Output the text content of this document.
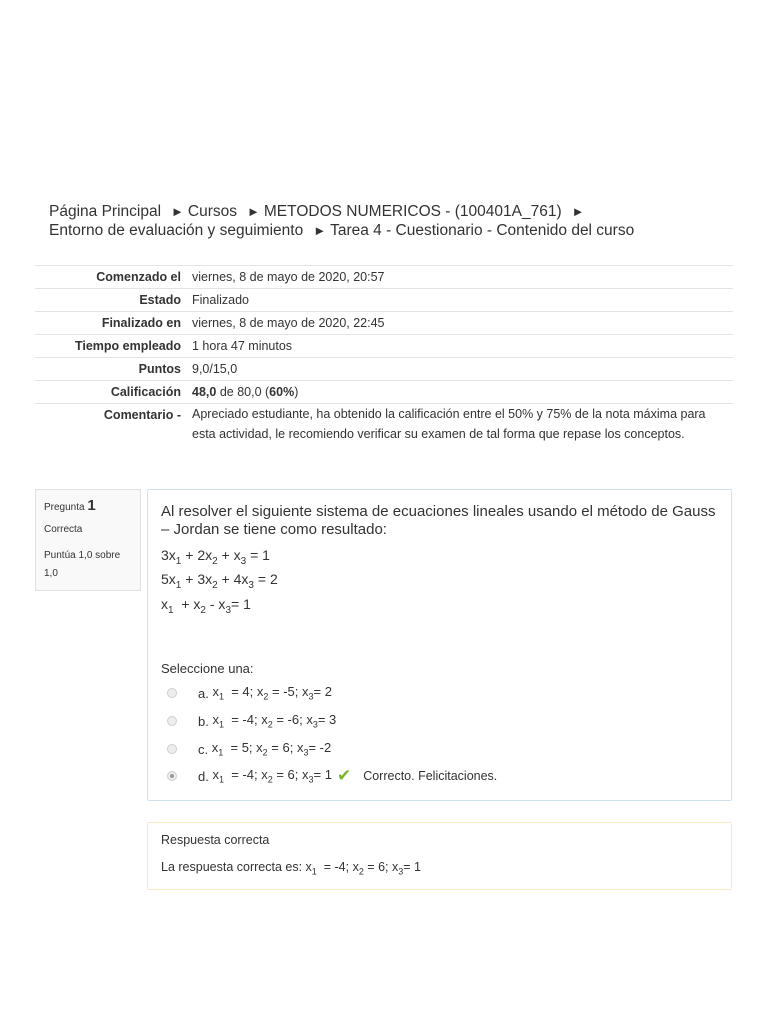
Página Principal ► Cursos ► METODOS NUMERICOS - (100401A_761) ►
Entorno de evaluación y seguimiento ► Tarea 4 - Cuestionario - Contenido del curso
Comenzado el	viernes, 8 de mayo de 2020, 20:57
Estado	Finalizado
Finalizado en	viernes, 8 de mayo de 2020, 22:45
Tiempo empleado	1 hora 47 minutos
Puntos	9,0/15,0
Calificación	48,0 de 80,0 (60%)
Comentario -	Apreciado estudiante, ha obtenido la calificación entre el 50% y 75% de la nota máxima para esta actividad, le recomiendo verificar su examen de tal forma que repase los conceptos.
Pregunta 1
Correcta
Puntúa 1,0 sobre 1,0
Al resolver el siguiente sistema de ecuaciones lineales usando el método de Gauss – Jordan se tiene como resultado:
$3x_1 + 2x_2 + x_3 = 1$
$5x_1 + 3x_2 + 4x_3 = 2$
$x_1 + x_2 - x_3= 1$
Seleccione una:
a.
$x_1 = 4$; $x_2 = -5$; $x_3= 2$
b.
$x_1 = -4$; $x_2 = -6$; $x_3= 3$
c.
$x_1 = 5$; $x_2 = 6$; $x_3= -2$
d.
$x_1 = -4$; $x_2 = 6$; $x_3= 1$ ✔ Correcto. Felicitaciones.
Respuesta correcta
La respuesta correcta es: $x_1 = -4$; $x_2 = 6$; $x_3= 1$
